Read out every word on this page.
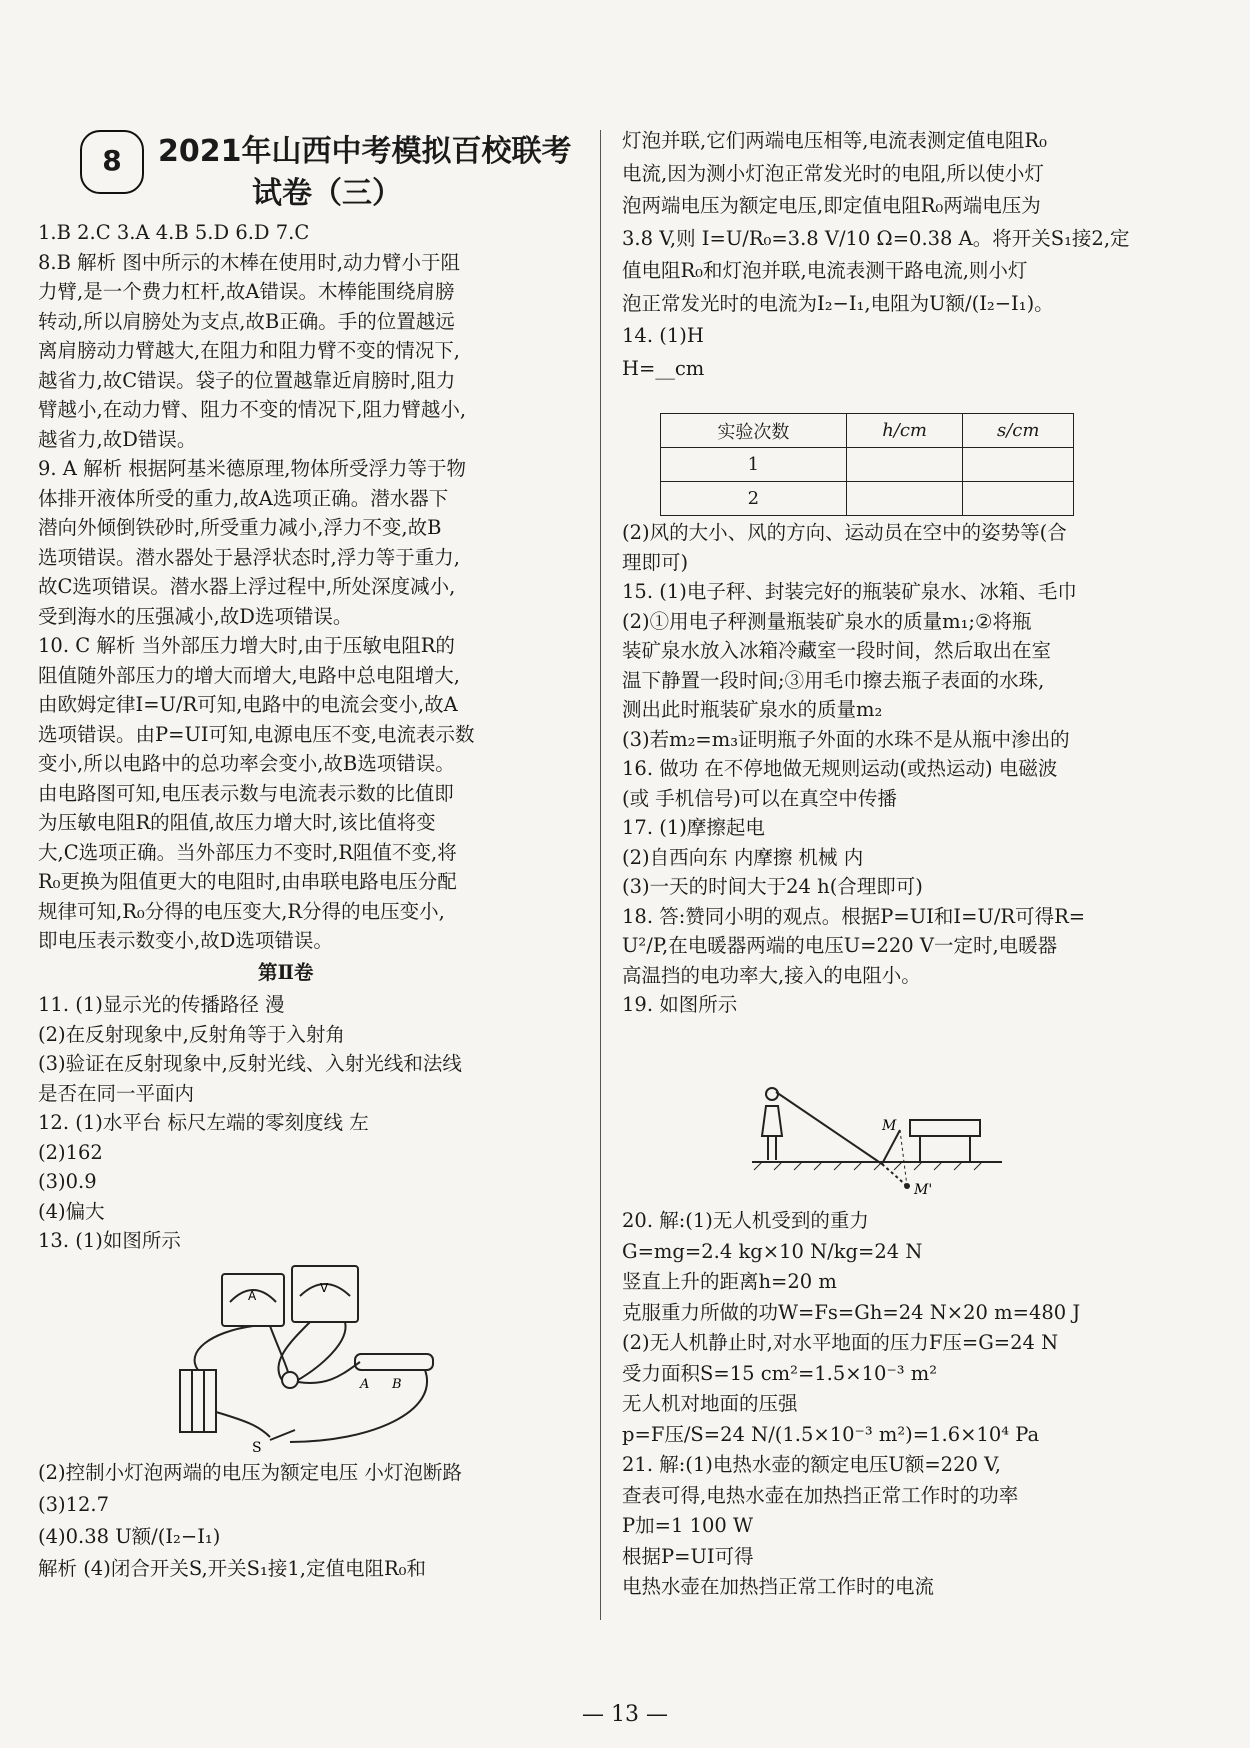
8	2021年山西中考模拟百校联考
试卷（三）
1.B 2.C 3.A 4.B 5.D 6.D 7.C
8.B 解析 图中所示的木棒在使用时,动力臂小于阻
力臂,是一个费力杠杆,故A错误。木棒能围绕肩膀
转动,所以肩膀处为支点,故B正确。手的位置越远
离肩膀动力臂越大,在阻力和阻力臂不变的情况下,
越省力,故C错误。袋子的位置越靠近肩膀时,阻力
臂越小,在动力臂、阻力不变的情况下,阻力臂越小,
越省力,故D错误。
9. A 解析 根据阿基米德原理,物体所受浮力等于物
体排开液体所受的重力,故A选项正确。潜水器下
潜向外倾倒铁砂时,所受重力减小,浮力不变,故B
选项错误。潜水器处于悬浮状态时,浮力等于重力,
故C选项错误。潜水器上浮过程中,所处深度减小,
受到海水的压强减小,故D选项错误。
10. C 解析 当外部压力增大时,由于压敏电阻R的
阻值随外部压力的增大而增大,电路中总电阻增大,
由欧姆定律I=U/R可知,电路中的电流会变小,故A
选项错误。由P=UI可知,电源电压不变,电流表示数
变小,所以电路中的总功率会变小,故B选项错误。
由电路图可知,电压表示数与电流表示数的比值即
为压敏电阻R的阻值,故压力增大时,该比值将变
大,C选项正确。当外部压力不变时,R阻值不变,将
R₀更换为阻值更大的电阻时,由串联电路电压分配
规律可知,R₀分得的电压变大,R分得的电压变小,
即电压表示数变小,故D选项错误。
第Ⅱ卷
11. (1)显示光的传播路径 漫
(2)在反射现象中,反射角等于入射角
(3)验证在反射现象中,反射光线、入射光线和法线
是否在同一平面内
12. (1)水平台 标尺左端的零刻度线 左
(2)162
(3)0.9
(4)偏大
13. (1)如图所示
A
V
S
A B
(2)控制小灯泡两端的电压为额定电压 小灯泡断路
(3)12.7
(4)0.38 U额/(I₂−I₁)
解析 (4)闭合开关S,开关S₁接1,定值电阻R₀和
灯泡并联,它们两端电压相等,电流表测定值电阻R₀
电流,因为测小灯泡正常发光时的电阻,所以使小灯
泡两端电压为额定电压,即定值电阻R₀两端电压为
3.8 V,则 I=U/R₀=3.8 V/10 Ω=0.38 A。将开关S₁接2,定
值电阻R₀和灯泡并联,电流表测干路电流,则小灯
泡正常发光时的电流为I₂−I₁,电阻为U额/(I₂−I₁)。
14. (1)H
H=__cm
实验次数	h/cm	s/cm
1		
2		
(2)风的大小、风的方向、运动员在空中的姿势等(合
理即可)
15. (1)电子秤、封装完好的瓶装矿泉水、冰箱、毛巾
(2)①用电子秤测量瓶装矿泉水的质量m₁;②将瓶
装矿泉水放入冰箱冷藏室一段时间，然后取出在室
温下静置一段时间;③用毛巾擦去瓶子表面的水珠,
测出此时瓶装矿泉水的质量m₂
(3)若m₂=m₃证明瓶子外面的水珠不是从瓶中渗出的
16. 做功 在不停地做无规则运动(或热运动) 电磁波
(或 手机信号)可以在真空中传播
17. (1)摩擦起电
(2)自西向东 内摩擦 机械 内
(3)一天的时间大于24 h(合理即可)
18. 答:赞同小明的观点。根据P=UI和I=U/R可得R=
U²/P,在电暖器两端的电压U=220 V一定时,电暖器
高温挡的电功率大,接入的电阻小。
19. 如图所示
M
M'
20. 解:(1)无人机受到的重力
G=mg=2.4 kg×10 N/kg=24 N
竖直上升的距离h=20 m
克服重力所做的功W=Fs=Gh=24 N×20 m=480 J
(2)无人机静止时,对水平地面的压力F压=G=24 N
受力面积S=15 cm²=1.5×10⁻³ m²
无人机对地面的压强
p=F压/S=24 N/(1.5×10⁻³ m²)=1.6×10⁴ Pa
21. 解:(1)电热水壶的额定电压U额=220 V,
查表可得,电热水壶在加热挡正常工作时的功率
P加=1 100 W
根据P=UI可得
电热水壶在加热挡正常工作时的电流
— 13 —
